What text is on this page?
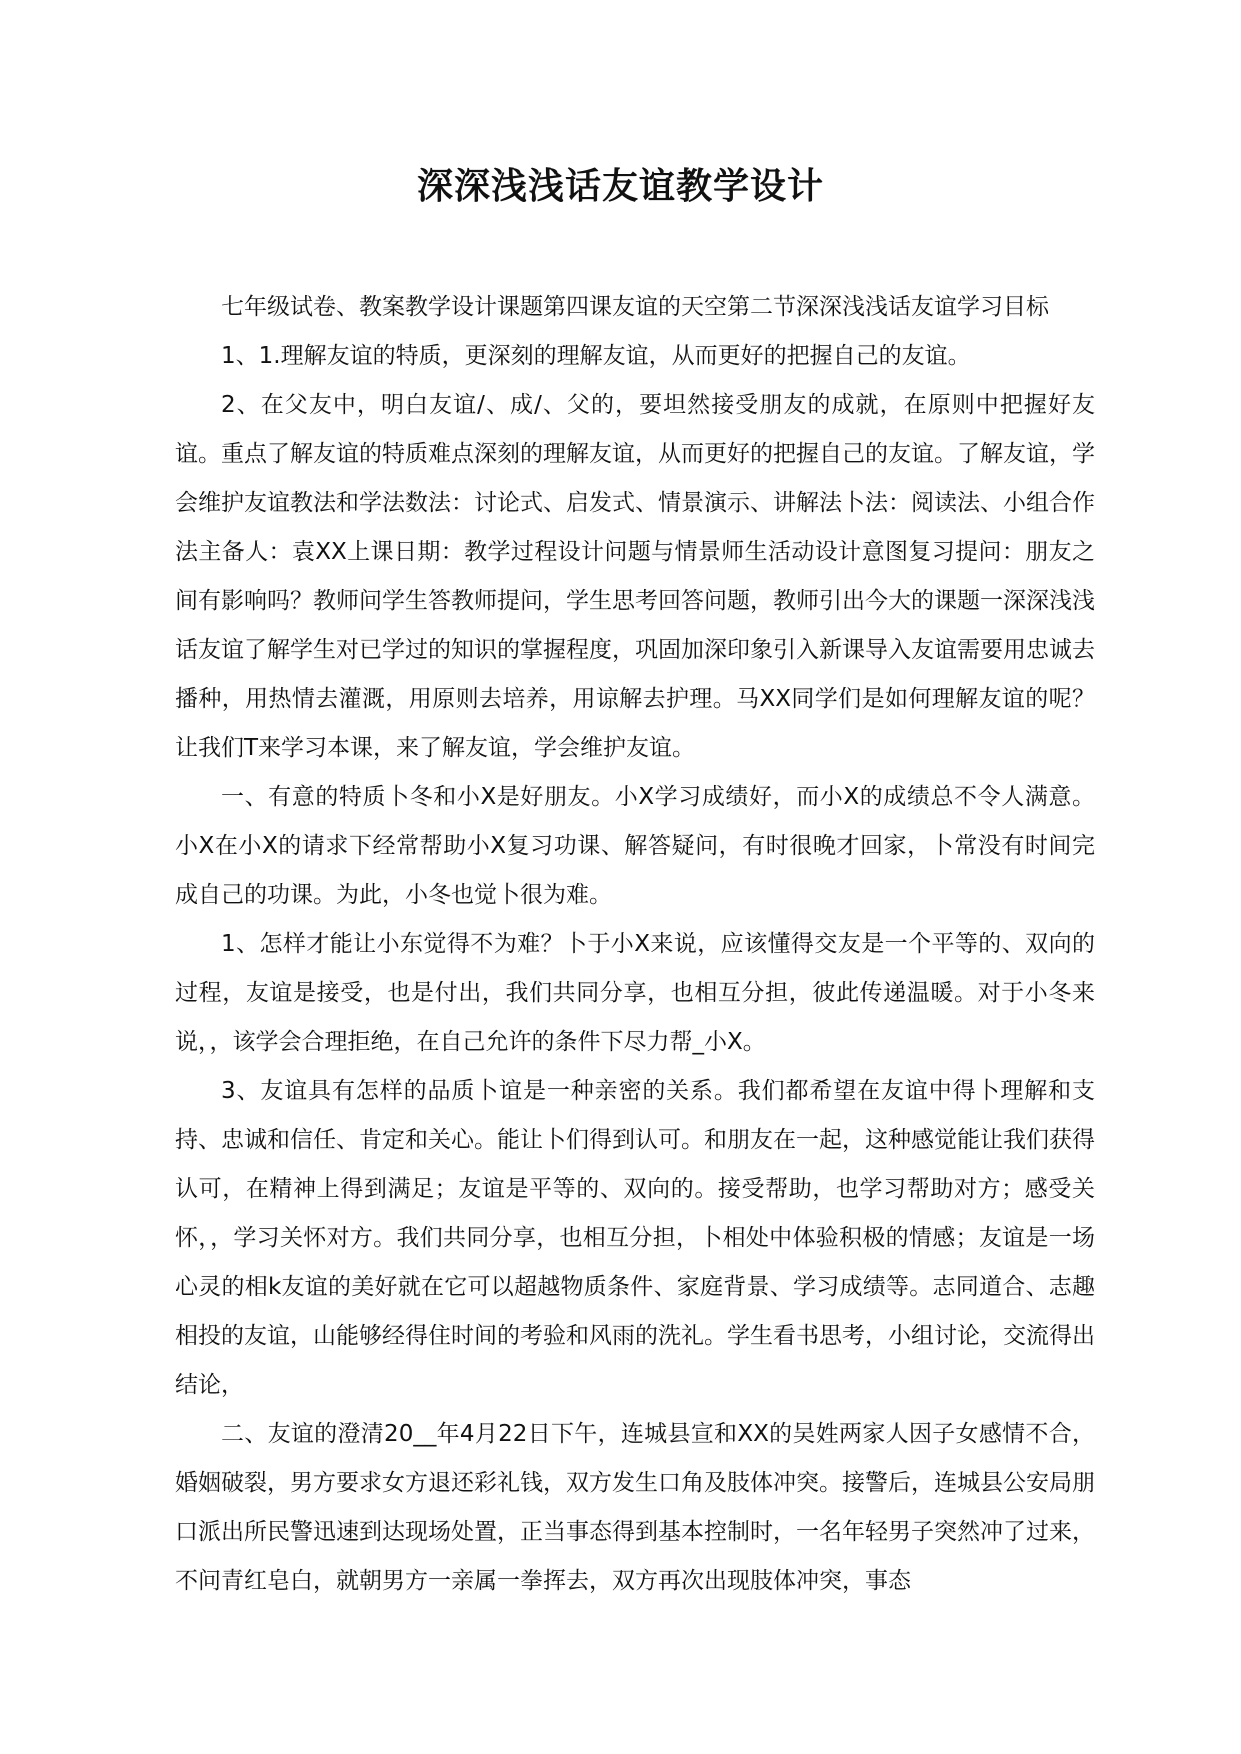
深深浅浅话友谊教学设计

七年级试卷、教案教学设计课题第四课友谊的天空第二节深深浅浅话友谊学习目标

1、1.理解友谊的特质，更深刻的理解友谊，从而更好的把握自己的友谊。

2、在父友中，明白友谊/、成/、父的，要坦然接受朋友的成就，在原则中把握好友谊。重点了解友谊的特质难点深刻的理解友谊，从而更好的把握自己的友谊。了解友谊，学会维护友谊教法和学法数法：讨论式、启发式、情景演示、讲解法卜法：阅读法、小组合作法主备人：袁XX上课日期：教学过程设计问题与情景师生活动设计意图复习提问：朋友之间有影响吗？教师问学生答教师提问，学生思考回答问题，教师引出今大的课题一深深浅浅话友谊了解学生对已学过的知识的掌握程度，巩固加深印象引入新课导入友谊需要用忠诚去播种，用热情去灌溉，用原则去培养，用谅解去护理。马XX同学们是如何理解友谊的呢？让我们T来学习本课，来了解友谊，学会维护友谊。

一、有意的特质卜冬和小X是好朋友。小X学习成绩好，而小X的成绩总不令人满意。小X在小X的请求下经常帮助小X复习功课、解答疑问，有时很晚才回家，卜常没有时间完成自己的功课。为此，小冬也觉卜很为难。

1、怎样才能让小东觉得不为难？卜于小X来说，应该懂得交友是一个平等的、双向的过程，友谊是接受，也是付出，我们共同分享，也相互分担，彼此传递温暖。对于小冬来说，，该学会合理拒绝，在自己允许的条件下尽力帮_小X。

3、友谊具有怎样的品质卜谊是一种亲密的关系。我们都希望在友谊中得卜理解和支持、忠诚和信任、肯定和关心。能让卜们得到认可。和朋友在一起，这种感觉能让我们获得认可，在精神上得到满足；友谊是平等的、双向的。接受帮助，也学习帮助对方；感受关怀，，学习关怀对方。我们共同分享，也相互分担，卜相处中体验积极的情感；友谊是一场心灵的相k友谊的美好就在它可以超越物质条件、家庭背景、学习成绩等。志同道合、志趣相投的友谊，山能够经得住时间的考验和风雨的洗礼。学生看书思考，小组讨论，交流得出结论，

二、友谊的澄清20__年4月22日下午，连城县宣和XX的吴姓两家人因子女感情不合，婚姻破裂，男方要求女方退还彩礼钱，双方发生口角及肢体冲突。接警后，连城县公安局朋口派出所民警迅速到达现场处置，正当事态得到基本控制时，一名年轻男子突然冲了过来，不问青红皂白，就朝男方一亲属一拳挥去，双方再次出现肢体冲突，事态
